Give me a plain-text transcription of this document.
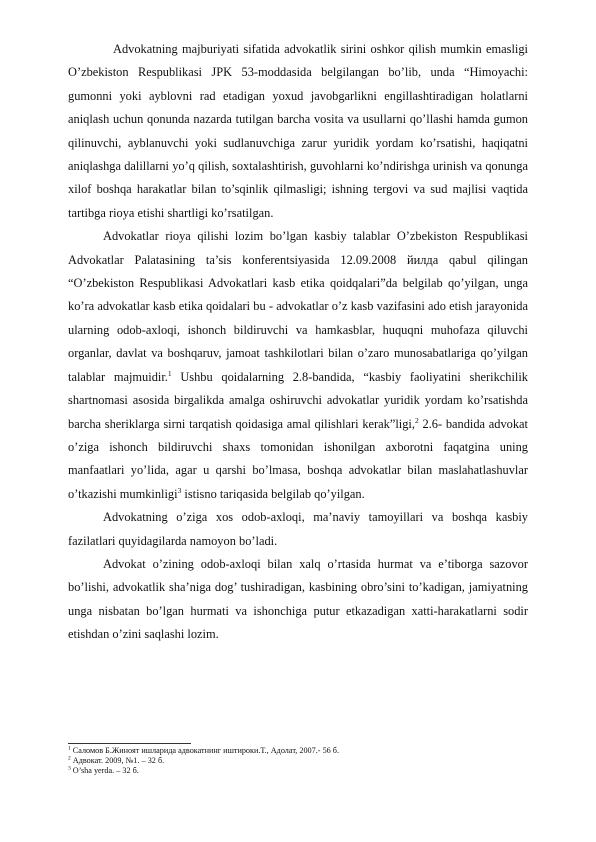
Advokatning majburiyati sifatida advokatlik sirini oshkor qilish mumkin emasligi O’zbekiston Respublikasi JPK 53-moddasida belgilangan bo’lib, unda “Himoyachi: gumonni yoki ayblovni rad etadigan yoxud javobgarlikni engillashtiradigan holatlarni aniqlash uchun qonunda nazarda tutilgan barcha vosita va usullarni qo’llashi hamda gumon qilinuvchi, ayblanuvchi yoki sudlanuvchiga zarur yuridik yordam ko’rsatishi, haqiqatni aniqlashga dalillarni yo’q qilish, soxtalashtirish, guvohlarni ko’ndirishga urinish va qonunga xilof boshqa harakatlar bilan to’sqinlik qilmasligi; ishning tergovi va sud majlisi vaqtida tartibga rioya etishi shartligi ko’rsatilgan.

Advokatlar rioya qilishi lozim bo’lgan kasbiy talablar O’zbekiston Respublikasi Advokatlar Palatasining ta’sis konferentsiyasida 12.09.2008 йилда qabul qilingan “O’zbekiston Respublikasi Advokatlari kasb etika qoidqalari”da belgilab qo’yilgan, unga ko’ra advokatlar kasb etika qoidalari bu - advokatlar o’z kasb vazifasini ado etish jarayonida ularning odob-axloqi, ishonch bildiruvchi va hamkasblar, huquqni muhofaza qiluvchi organlar, davlat va boshqaruv, jamoat tashkilotlari bilan o’zaro munosabatlariga qo’yilgan talablar majmuidir.$^1$ Ushbu qoidalarning 2.8-bandida, “kasbiy faoliyatini sherikchilik shartnomasi asosida birgalikda amalga oshiruvchi advokatlar yuridik yordam ko’rsatishda barcha sheriklarga sirni tarqatish qoidasiga amal qilishlari kerak”ligi,$^2$ 2.6- bandida advokat o’ziga ishonch bildiruvchi shaxs tomonidan ishonilgan axborotni faqatgina uning manfaatlari yo’lida, agar u qarshi bo’lmasa, boshqa advokatlar bilan maslahatlashuvlar o’tkazishi mumkinligi$^3$ istisno tariqasida belgilab qo’yilgan.

Advokatning o’ziga xos odob-axloqi, ma’naviy tamoyillari va boshqa kasbiy fazilatlari quyidagilarda namoyon bo’ladi.

Advokat o’zining odob-axloqi bilan xalq o’rtasida hurmat va e’tiborga sazovor bo’lishi, advokatlik sha’niga dog’ tushiradigan, kasbining obro’sini to’kadigan, jamiyatning unga nisbatan bo’lgan hurmati va ishonchiga putur etkazadigan xatti-harakatlarni sodir etishdan o’zini saqlashi lozim.

$^1$ Саломов Б.Жиноят ишларида адвокатнинг иштироки.Т., Адолат, 2007.- 56 б.
$^2$ Адвокат. 2009, №1. – 32 б.
$^3$ O’sha yerda. – 32 б.
